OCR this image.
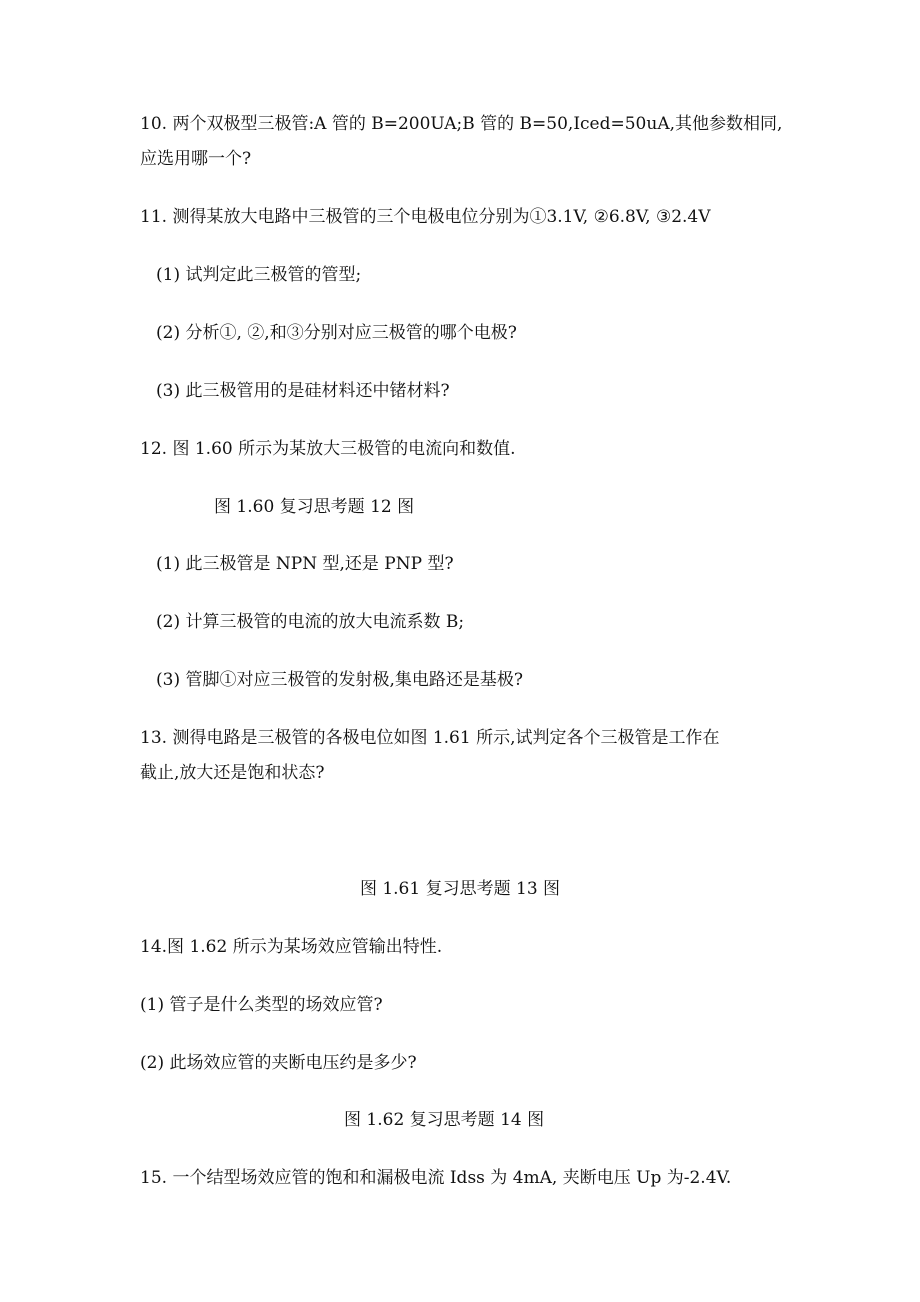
10. 两个双极型三极管:A 管的 B=200UA;B 管的 B=50,Iced=50uA,其他参数相同,
应选用哪一个?
11. 测得某放大电路中三极管的三个电极电位分别为①3.1V, ②6.8V, ③2.4V
(1) 试判定此三极管的管型;
(2) 分析①, ②,和③分别对应三极管的哪个电极?
(3) 此三极管用的是硅材料还中锗材料?
12. 图 1.60 所示为某放大三极管的电流向和数值.
图 1.60 复习思考题 12 图
(1) 此三极管是 NPN 型,还是 PNP 型?
(2) 计算三极管的电流的放大电流系数 B;
(3) 管脚①对应三极管的发射极,集电路还是基极?
13. 测得电路是三极管的各极电位如图 1.61 所示,试判定各个三极管是工作在
截止,放大还是饱和状态?
图 1.61 复习思考题 13 图
14.图 1.62 所示为某场效应管输出特性.
(1) 管子是什么类型的场效应管?
(2) 此场效应管的夹断电压约是多少?
图 1.62 复习思考题 14 图
15. 一个结型场效应管的饱和和漏极电流 Idss 为 4mA, 夹断电压 Up 为-2.4V.
